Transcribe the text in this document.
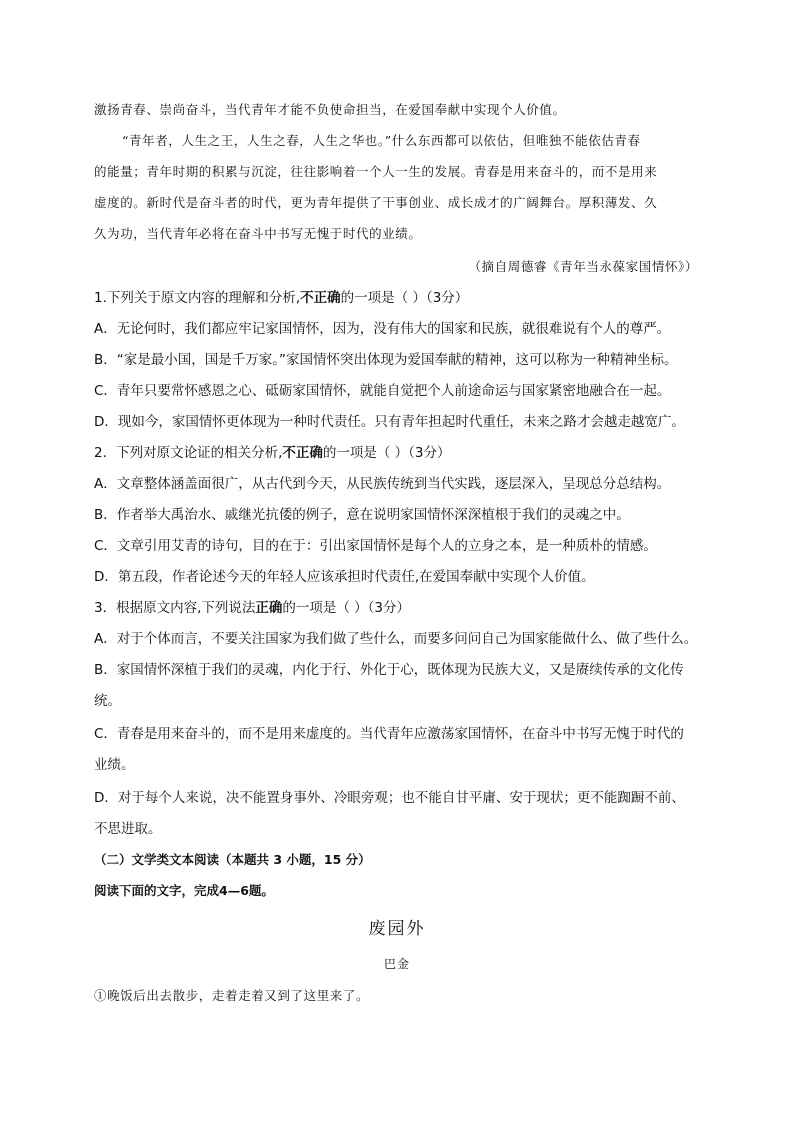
激扬青春、崇尚奋斗，当代青年才能不负使命担当，在爱国奉献中实现个人价值。
“青年者，人生之王，人生之春，人生之华也。”什么东西都可以依估，但唯独不能依估青春
的能量；青年时期的积累与沉淀，往往影响着一个人一生的发展。青春是用来奋斗的，而不是用来
虚度的。新时代是奋斗者的时代，更为青年提供了干事创业、成长成才的广阔舞台。厚积薄发、久
久为功，当代青年必将在奋斗中书写无愧于时代的业绩。
（摘自周德睿《青年当永葆家国情怀》）
1.下列关于原文内容的理解和分析,不正确的一项是（ ）（3分）
A．无论何时，我们都应牢记家国情怀，因为，没有伟大的国家和民族，就很难说有个人的尊严。
B．“家是最小国，国是千万家。”家国情怀突出体现为爱国奉献的精神，这可以称为一种精神坐标。
C．青年只要常怀感恩之心、砥砺家国情怀，就能自觉把个人前途命运与国家紧密地融合在一起。
D．现如今，家国情怀更体现为一种时代责任。只有青年担起时代重任，未来之路才会越走越宽广。
2．下列对原文论证的相关分析,不正确的一项是（ ）（3分）
A．文章整体涵盖面很广，从古代到今天，从民族传统到当代实践，逐层深入，呈现总分总结构。
B．作者举大禹治水、戚继光抗倭的例子，意在说明家国情怀深深植根于我们的灵魂之中。
C．文章引用艾青的诗句，目的在于：引出家国情怀是每个人的立身之本，是一种质朴的情感。
D．第五段，作者论述今天的年轻人应该承担时代责任,在爱国奉献中实现个人价值。
3．根据原文内容,下列说法正确的一项是（ ）（3分）
A．对于个体而言，不要关注国家为我们做了些什么，而要多问问自己为国家能做什么、做了些什么。
B．家国情怀深植于我们的灵魂，内化于行、外化于心，既体现为民族大义，又是赓续传承的文化传
统。
C．青春是用来奋斗的，而不是用来虚度的。当代青年应激荡家国情怀，在奋斗中书写无愧于时代的
业绩。
D．对于每个人来说，决不能置身事外、冷眼旁观；也不能自甘平庸、安于现状；更不能踟蹰不前、
不思进取。
（二）文学类文本阅读（本题共 3 小题，15 分）
阅读下面的文字，完成4—6题。
废园外
巴金
①晚饭后出去散步，走着走着又到了这里来了。
